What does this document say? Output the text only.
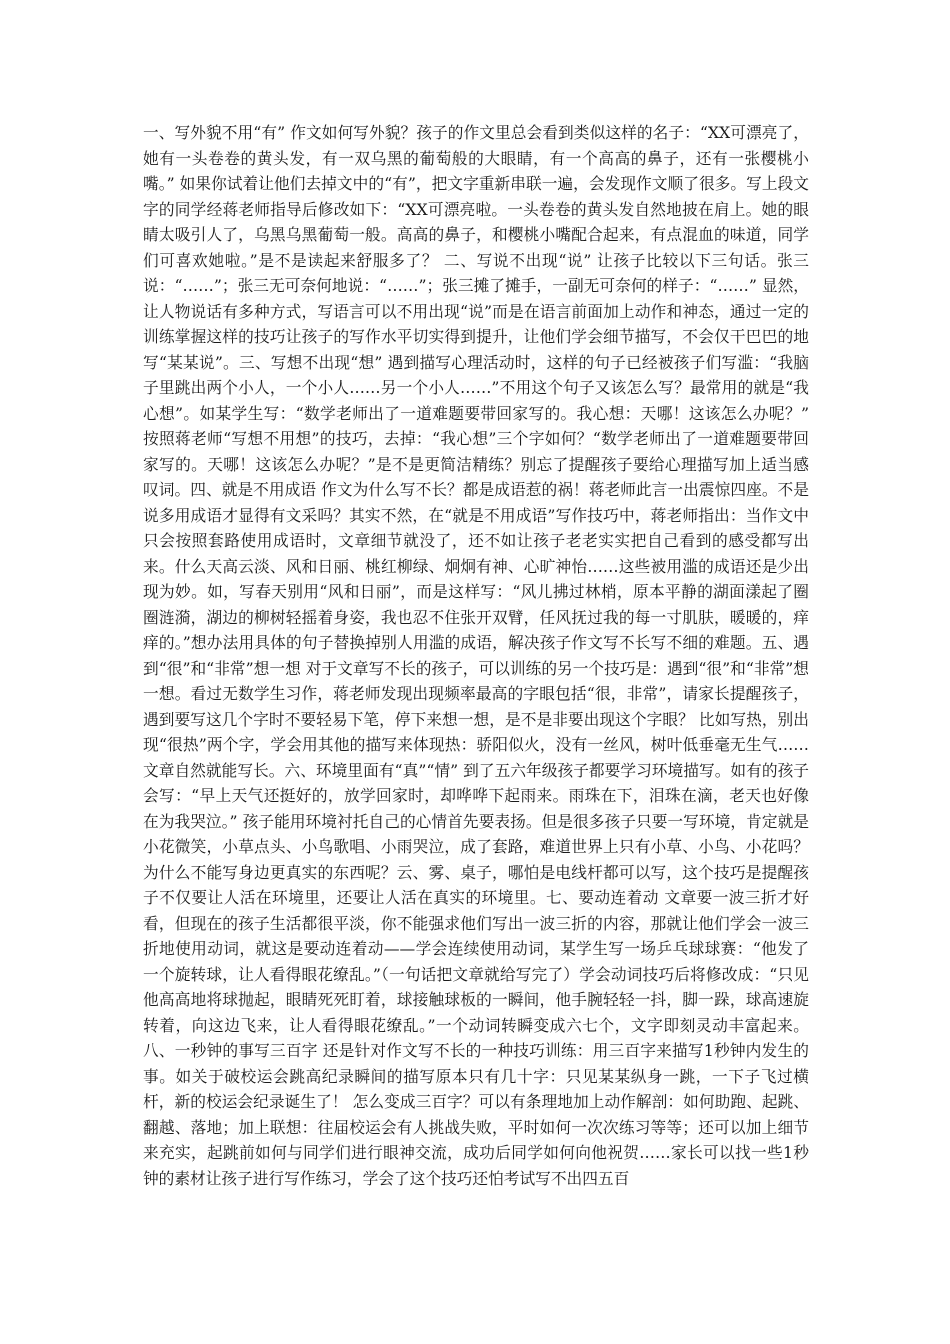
一、写外貌不用“有” 作文如何写外貌？孩子的作文里总会看到类似这样的名子：“XX可漂亮了，她有一头卷卷的黄头发，有一双乌黑的葡萄般的大眼睛，有一个高高的鼻子，还有一张樱桃小嘴。” 如果你试着让他们去掉文中的“有”，把文字重新串联一遍，会发现作文顺了很多。写上段文字的同学经蒋老师指导后修改如下：“XX可漂亮啦。一头卷卷的黄头发自然地披在肩上。她的眼睛太吸引人了，乌黑乌黑葡萄一般。高高的鼻子，和樱桃小嘴配合起来，有点混血的味道，同学们可喜欢她啦。”是不是读起来舒服多了？ 二、写说不出现“说” 让孩子比较以下三句话。张三说：“……”；张三无可奈何地说：“……”；张三摊了摊手，一副无可奈何的样子：“……” 显然，让人物说话有多种方式，写语言可以不用出现“说”而是在语言前面加上动作和神态，通过一定的训练掌握这样的技巧让孩子的写作水平切实得到提升，让他们学会细节描写，不会仅干巴巴的地写“某某说”。三、写想不出现“想” 遇到描写心理活动时，这样的句子已经被孩子们写滥：“我脑子里跳出两个小人，一个小人……另一个小人……”不用这个句子又该怎么写？最常用的就是“我心想”。如某学生写：“数学老师出了一道难题要带回家写的。我心想：天哪！这该怎么办呢？” 按照蒋老师“写想不用想”的技巧，去掉：“我心想”三个字如何？“数学老师出了一道难题要带回家写的。天哪！这该怎么办呢？”是不是更简洁精练？别忘了提醒孩子要给心理描写加上适当感叹词。四、就是不用成语 作文为什么写不长？都是成语惹的祸！蒋老师此言一出震惊四座。不是说多用成语才显得有文采吗？其实不然，在“就是不用成语”写作技巧中，蒋老师指出：当作文中只会按照套路使用成语时，文章细节就没了，还不如让孩子老老实实把自己看到的感受都写出来。什么天高云淡、风和日丽、桃红柳绿、炯炯有神、心旷神怡……这些被用滥的成语还是少出现为妙。如，写春天别用“风和日丽”，而是这样写：“风儿拂过林梢，原本平静的湖面漾起了圈圈涟漪，湖边的柳树轻摇着身姿，我也忍不住张开双臂，任风抚过我的每一寸肌肤，暖暖的，痒痒的。”想办法用具体的句子替换掉别人用滥的成语，解决孩子作文写不长写不细的难题。五、遇到“很”和“非常”想一想 对于文章写不长的孩子，可以训练的另一个技巧是：遇到“很”和“非常”想一想。看过无数学生习作，蒋老师发现出现频率最高的字眼包括“很，非常”，请家长提醒孩子，遇到要写这几个字时不要轻易下笔，停下来想一想，是不是非要出现这个字眼？ 比如写热，别出现“很热”两个字，学会用其他的描写来体现热：骄阳似火，没有一丝风，树叶低垂毫无生气……文章自然就能写长。六、环境里面有“真”“情” 到了五六年级孩子都要学习环境描写。如有的孩子会写：“早上天气还挺好的，放学回家时，却哗哗下起雨来。雨珠在下，泪珠在滴，老天也好像在为我哭泣。” 孩子能用环境衬托自己的心情首先要表扬。但是很多孩子只要一写环境，肯定就是小花微笑，小草点头、小鸟歌唱、小雨哭泣，成了套路，难道世界上只有小草、小鸟、小花吗？为什么不能写身边更真实的东西呢？云、雾、桌子，哪怕是电线杆都可以写，这个技巧是提醒孩子不仅要让人活在环境里，还要让人活在真实的环境里。七、要动连着动 文章要一波三折才好看，但现在的孩子生活都很平淡，你不能强求他们写出一波三折的内容，那就让他们学会一波三折地使用动词，就这是要动连着动——学会连续使用动词，某学生写一场乒乓球球赛：“他发了一个旋转球，让人看得眼花缭乱。”（一句话把文章就给写完了）学会动词技巧后将修改成：“只见他高高地将球抛起，眼睛死死盯着，球接触球板的一瞬间，他手腕轻轻一抖，脚一跺，球高速旋转着，向这边飞来，让人看得眼花缭乱。”一个动词转瞬变成六七个，文字即刻灵动丰富起来。八、一秒钟的事写三百字 还是针对作文写不长的一种技巧训练：用三百字来描写1秒钟内发生的事。如关于破校运会跳高纪录瞬间的描写原本只有几十字：只见某某纵身一跳，一下子飞过横杆，新的校运会纪录诞生了！ 怎么变成三百字？可以有条理地加上动作解剖：如何助跑、起跳、翻越、落地；加上联想：往届校运会有人挑战失败，平时如何一次次练习等等；还可以加上细节来充实，起跳前如何与同学们进行眼神交流，成功后同学如何向他祝贺……家长可以找一些1秒钟的素材让孩子进行写作练习，学会了这个技巧还怕考试写不出四五百
